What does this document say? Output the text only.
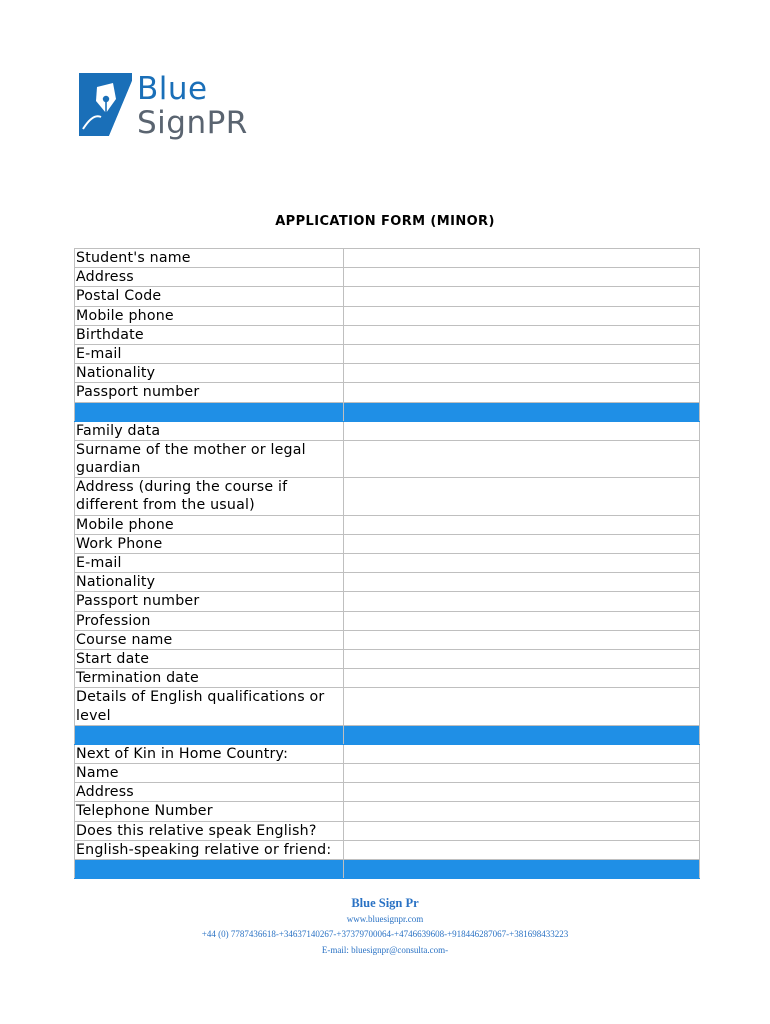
Blue
SignPR
APPLICATION FORM (MINOR)
Student's name	
Address	
Postal Code	
Mobile phone	
Birthdate	
E-mail	
Nationality	
Passport number	

Family data	
Surname of the mother or legal guardian	
Address (during the course if different from the usual)	
Mobile phone	
Work Phone	
E-mail	
Nationality	
Passport number	
Profession	
Course name	
Start date	
Termination date	
Details of English qualifications or level	

Next of Kin in Home Country:	
Name	
Address	
Telephone Number	
Does this relative speak English?	
English-speaking relative or friend:	

Blue Sign Pr
www.bluesignpr.com
+44 (0) 7787436618-+34637140267-+37379700064-+4746639608-+918446287067-+381698433223
E-mail: bluesignpr@consulta.com-
